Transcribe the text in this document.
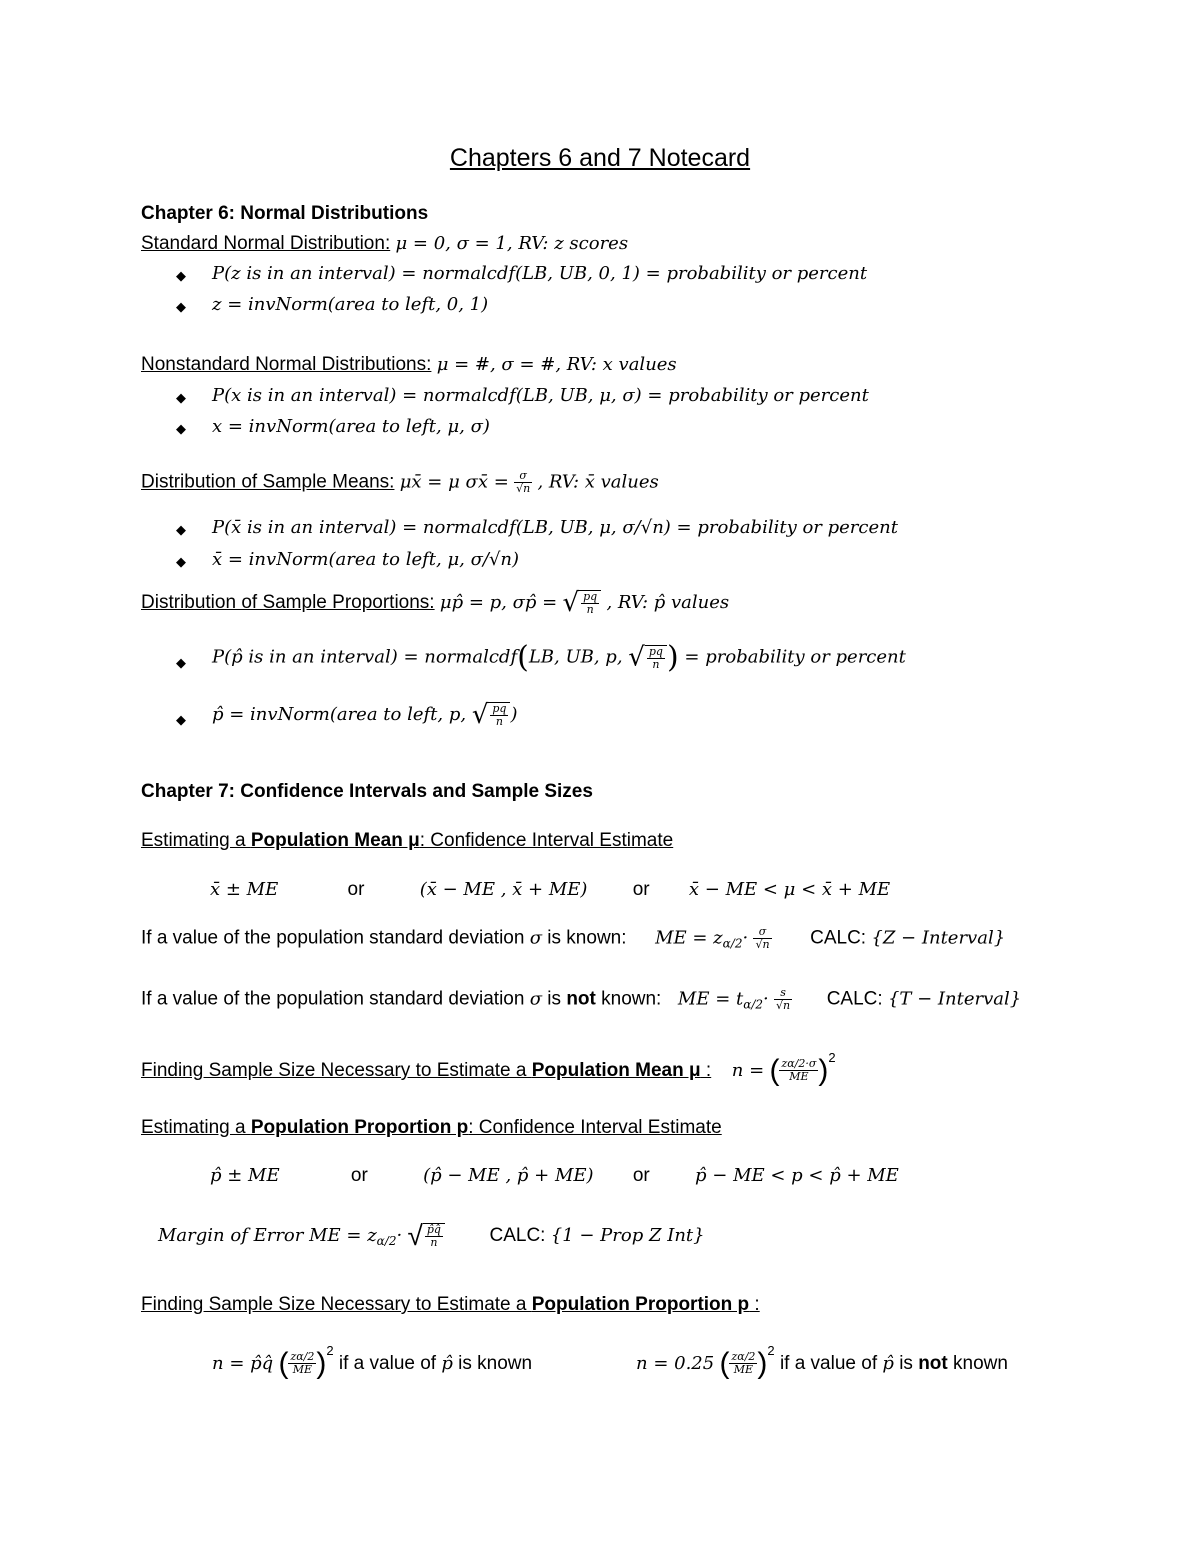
Chapters 6 and 7 Notecard
Chapter 6: Normal Distributions
Standard Normal Distribution: μ = 0, σ = 1, RV: z scores
◆ P(z is in an interval) = normalcdf(LB, UB, 0, 1) = probability or percent
◆ z = invNorm(area to left, 0, 1)
Nonstandard Normal Distributions: μ = #, σ = #, RV: x values
◆ P(x is in an interval) = normalcdf(LB, UB, μ, σ) = probability or percent
◆ x = invNorm(area to left, μ, σ)
Distribution of Sample Means: μx̄ = μ σx̄ = $\frac{\sigma}{√n}$ , RV: x̄ values
◆ P(x̄ is in an interval) = normalcdf(LB, UB, μ, σ/√n) = probability or percent
◆ x̄ = invNorm(area to left, μ, σ/√n)
Distribution of Sample Proportions: μp̂ = p, σp̂ = √ $\frac{pq}{n}$ , RV: p̂ values
◆ P(p̂ is in an interval) = normalcdf(LB, UB, p, √ $\frac{pq}{n}$ ) = probability or percent
◆ p̂ = invNorm(area to left, p, √ $\frac{pq}{n}$ )
Chapter 7: Confidence Intervals and Sample Sizes
Estimating a Population Mean μ: Confidence Interval Estimate
x̄ ± ME	or	(x̄ − ME , x̄ + ME) or x̄ − ME < μ < x̄ + ME
If a value of the population standard deviation σ is known: ME = $z_{\alpha/2}\cdot \frac{\sigma}{√n}$ CALC: {Z − Interval}
If a value of the population standard deviation σ is not known: ME = $t_{\alpha/2}\cdot \frac{s}{√n}$ CALC: {T − Interval}
Finding Sample Size Necessary to Estimate a Population Mean μ : n = ( $\frac{z\alpha/2\cdot\sigma}{ME} )^2$
Estimating a Population Proportion p: Confidence Interval Estimate
p̂ ± ME	or	(p̂ − ME , p̂ + ME) or	p̂ − ME < p < p̂ + ME
Margin of Error ME = $z_{\alpha/2}\cdot$ √ $\frac{p̂q̂}{n}$ CALC: {1 − Prop Z Int}
Finding Sample Size Necessary to Estimate a Population Proportion p :
n = p̂q̂ ( $\frac{z\alpha/2}{ME} )^2$ if a value of p̂ is known	n = 0.25 ( $\frac{z\alpha/2}{ME} )^2$ if a value of p̂ is not known
